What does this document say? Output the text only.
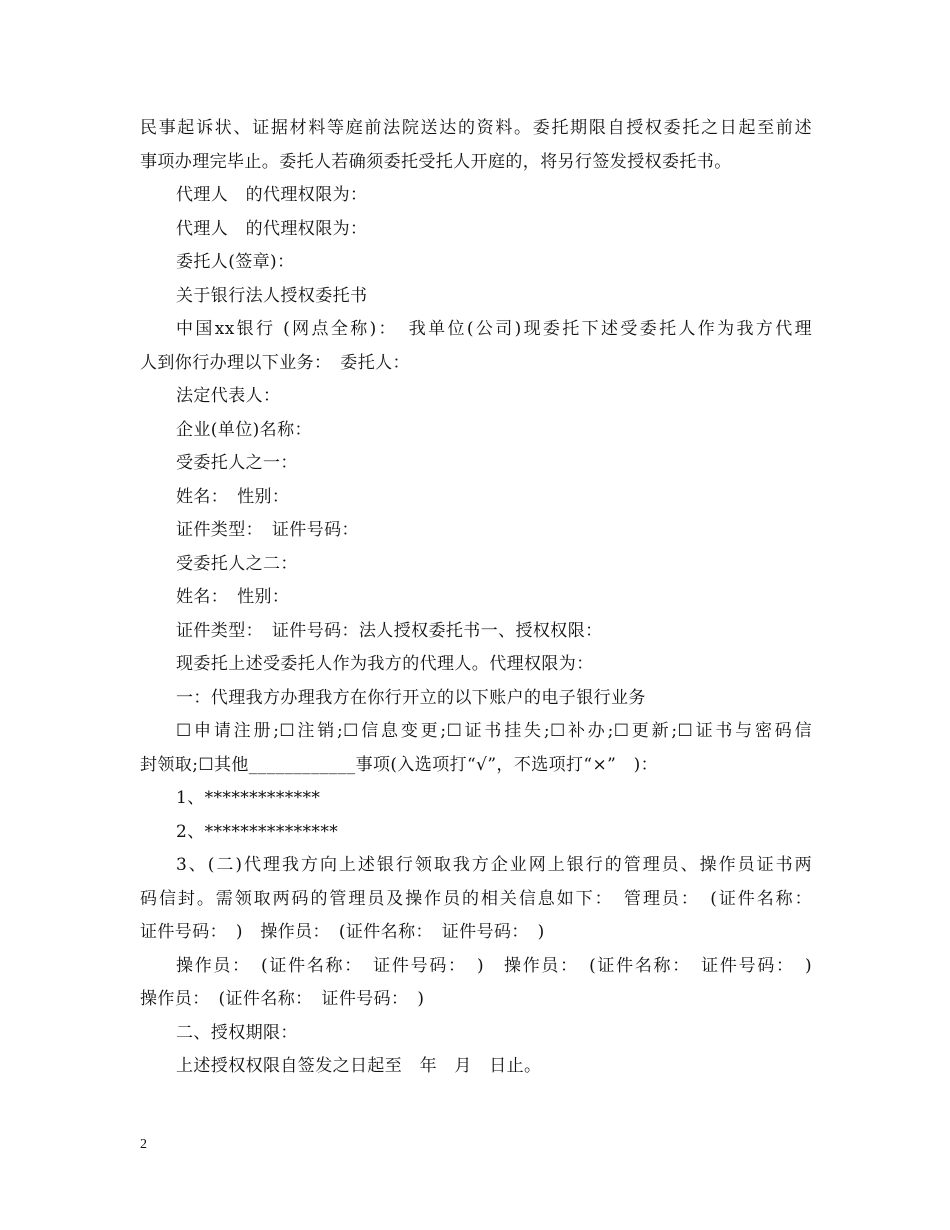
民事起诉状、证据材料等庭前法院送达的资料。委托期限自授权委托之日起至前述
事项办理完毕止。委托人若确须委托受托人开庭的，将另行签发授权委托书。
代理人　的代理权限为：
代理人　的代理权限为：
委托人(签章)：
关于银行法人授权委托书
中国xx银行 (网点全称)：　我单位(公司)现委托下述受委托人作为我方代理
人到你行办理以下业务：　委托人：
法定代表人：
企业(单位)名称：
受委托人之一：
姓名：　性别：
证件类型：　证件号码：
受委托人之二：
姓名：　性别：
证件类型：　证件号码：法人授权委托书一、授权权限：
现委托上述受委托人作为我方的代理人。代理权限为：
一：代理我方办理我方在你行开立的以下账户的电子银行业务
☐申请注册;☐注销;☐信息变更;☐证书挂失;☐补办;☐更新;☐证书与密码信
封领取;☐其他____________事项(入选项打“√”，不选项打“×”　)：
1、*************
2、***************
3、(二)代理我方向上述银行领取我方企业网上银行的管理员、操作员证书两
码信封。需领取两码的管理员及操作员的相关信息如下：　管理员：　(证件名称：
证件号码：　)　操作员：　(证件名称：　证件号码：　)
操作员：　(证件名称：　证件号码：　)　操作员：　(证件名称：　证件号码：　)
操作员：　(证件名称：　证件号码：　)
二、授权期限：
上述授权权限自签发之日起至　年　月　日止。
2
